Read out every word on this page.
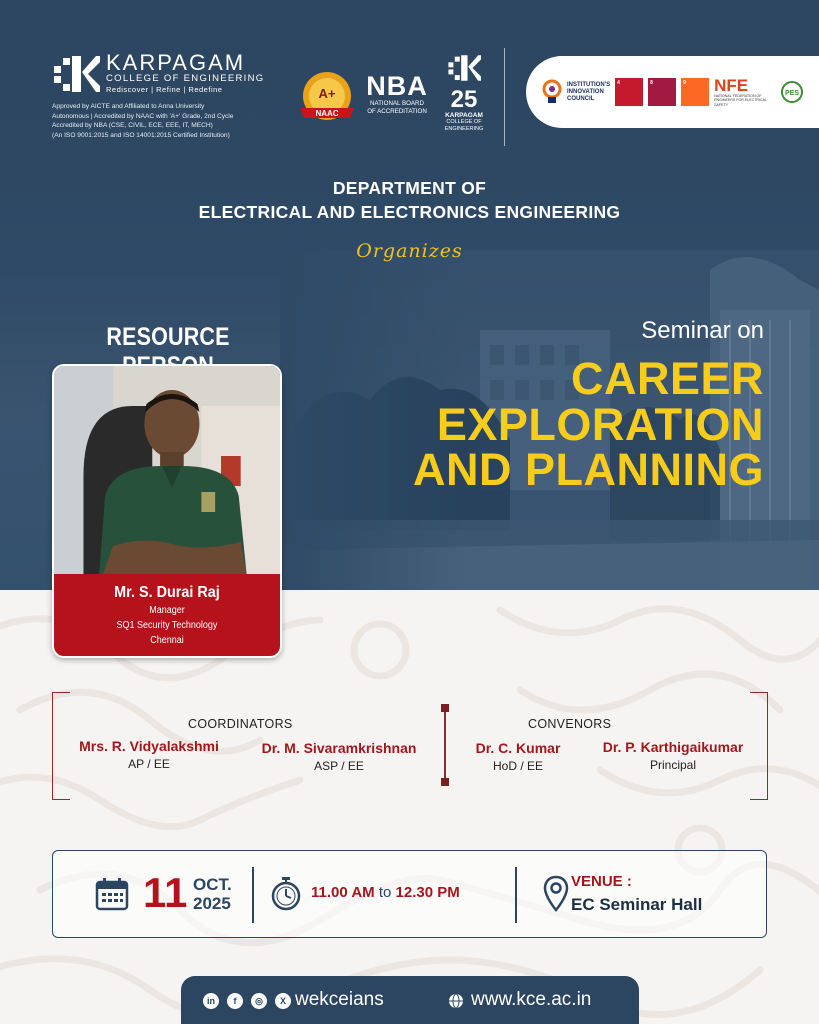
KARPAGAM
COLLEGE OF ENGINEERING
Rediscover | Refine | Redefine
Approved by AICTE and Affiliated to Anna University
Autonomous | Accredited by NAAC with 'A+' Grade, 2nd Cycle
Accredited by NBA (CSE, CIVIL, ECE, EEE, IT, MECH)
(An ISO 9001:2015 and ISO 14001:2015 Certified Institution)
A+
NAAC
NBA
NATIONAL BOARD
OF ACCREDITATION 25
KARPAGAM
COLLEGE OF ENGINEERING
INSTITUTION'S
INNOVATION
COUNCIL
4	8	9	NFE
NATIONAL FEDERATION OF ENGINEERS FOR ELECTRICAL SAFETY
PES
DEPARTMENT OF
ELECTRICAL AND ELECTRONICS ENGINEERING
Organizes
RESOURCE
Mr. S. Durai Raj
Manager
SQ1 Security Technology
Chennai
Seminar on
CAREER
EXPLORATION
AND PLANNING
COORDINATORS
Mrs. R. Vidyalakshmi
AP / EE
Dr. M. Sivaramkrishnan
ASP / EE
CONVENORS
Dr. C. Kumar
HoD / EE
Dr. P. Karthigaikumar
Principal
11 OCT.
2025
11.00 AM to 12.30 PM
VENUE :
EC Seminar Hall
in	f	◎	X wekceians	www.kce.ac.in
